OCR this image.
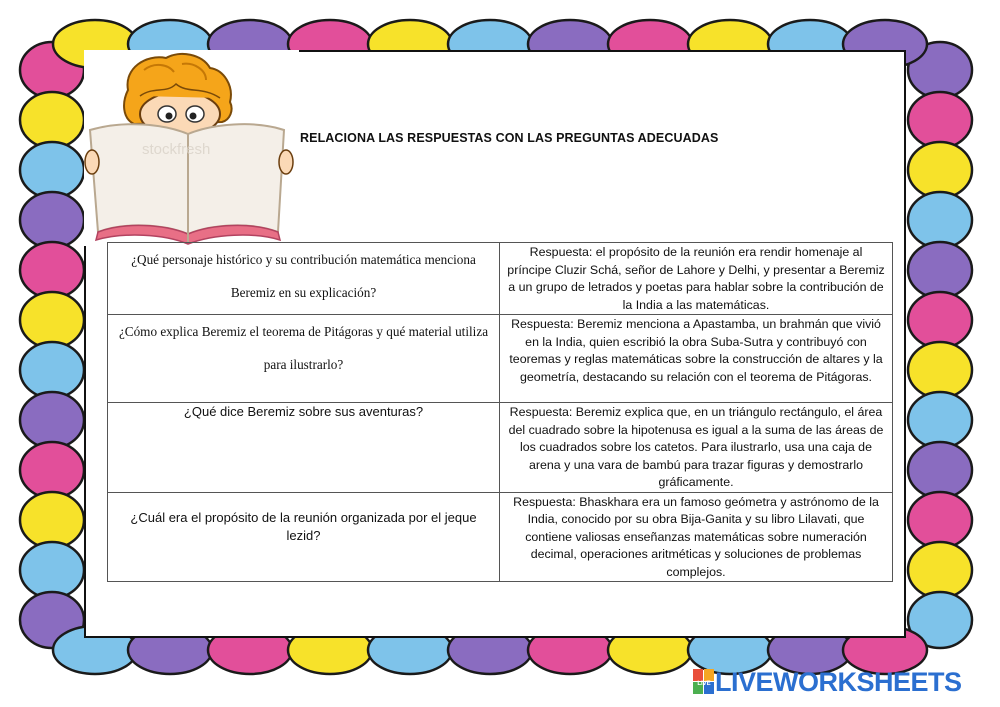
stockfresh
RELACIONA LAS RESPUESTAS CON LAS PREGUNTAS ADECUADAS
¿Qué personaje histórico y su contribución matemática menciona Beremiz en su explicación?	Respuesta: el propósito de la reunión era rendir homenaje al príncipe Cluzir Schá, señor de Lahore y Delhi, y presentar a Beremiz a un grupo de letrados y poetas para hablar sobre la contribución de la India a las matemáticas.
¿Cómo explica Beremiz el teorema de Pitágoras y qué material utiliza para ilustrarlo?	Respuesta: Beremiz menciona a Apastamba, un brahmán que vivió en la India, quien escribió la obra Suba-Sutra y contribuyó con teoremas y reglas matemáticas sobre la construcción de altares y la geometría, destacando su relación con el teorema de Pitágoras.
¿Qué dice Beremiz sobre sus aventuras?	Respuesta: Beremiz explica que, en un triángulo rectángulo, el área del cuadrado sobre la hipotenusa es igual a la suma de las áreas de los cuadrados sobre los catetos. Para ilustrarlo, usa una caja de arena y una vara de bambú para trazar figuras y demostrarlo gráficamente.
¿Cuál era el propósito de la reunión organizada por el jeque lezid?	Respuesta: Bhaskhara era un famoso geómetra y astrónomo de la India, conocido por su obra Bija-Ganita y su libro Lilavati, que contiene valiosas enseñanzas matemáticas sobre numeración decimal, operaciones aritméticas y soluciones de problemas complejos.
LIVE LIVEWORKSHEETS
